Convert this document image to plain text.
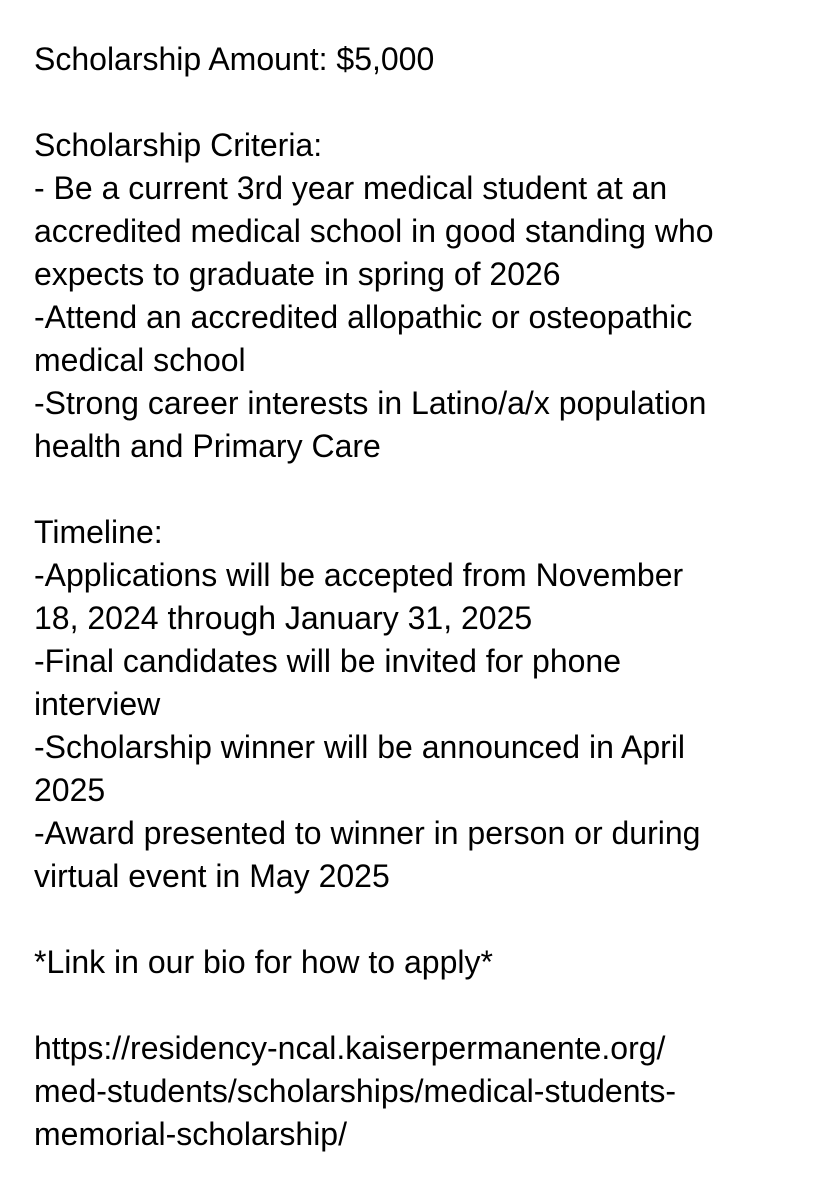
Scholarship Amount: $5,000
Scholarship Criteria:
- Be a current 3rd year medical student at an
accredited medical school in good standing who
expects to graduate in spring of 2026
-Attend an accredited allopathic or osteopathic
medical school
-Strong career interests in Latino/a/x population
health and Primary Care
Timeline:
-Applications will be accepted from November
18, 2024 through January 31, 2025
-Final candidates will be invited for phone
interview
-Scholarship winner will be announced in April
2025
-Award presented to winner in person or during
virtual event in May 2025
*Link in our bio for how to apply*
https://residency-ncal.kaiserpermanente.org/
med-students/scholarships/medical-students-
memorial-scholarship/
